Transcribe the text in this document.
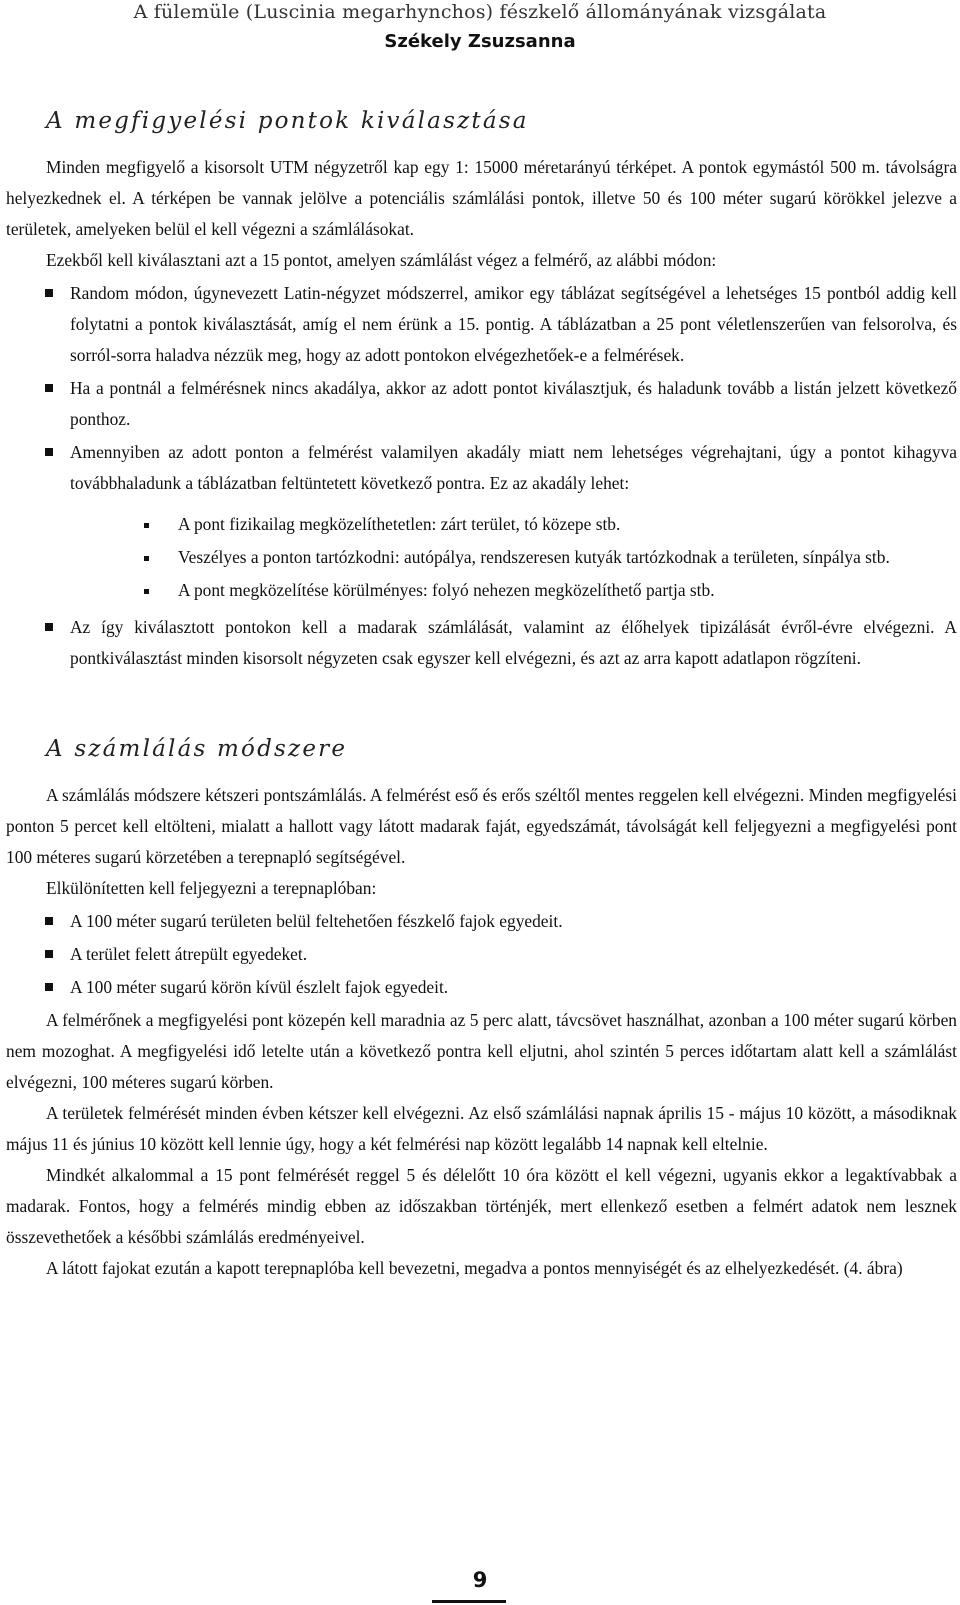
A fülemüle (Luscinia megarhynchos) fészkelő állományának vizsgálata
Székely Zsuzsanna
A megfigyelési pontok kiválasztása

Minden megfigyelő a kisorsolt UTM négyzetről kap egy 1: 15000 méretarányú térképet. A pontok egymástól 500 m. távolságra helyezkednek el. A térképen be vannak jelölve a potenciális számlálási pontok, illetve 50 és 100 méter sugarú körökkel jelezve a területek, amelyeken belül el kell végezni a számlálásokat.

Ezekből kell kiválasztani azt a 15 pontot, amelyen számlálást végez a felmérő, az alábbi módon:

Random módon, úgynevezett Latin-négyzet módszerrel, amikor egy táblázat segítségével a lehetséges 15 pontból addig kell folytatni a pontok kiválasztását, amíg el nem érünk a 15. pontig. A táblázatban a 25 pont véletlenszerűen van felsorolva, és sorról-sorra haladva nézzük meg, hogy az adott pontokon elvégezhetőek-e a felmérések.
Ha a pontnál a felmérésnek nincs akadálya, akkor az adott pontot kiválasztjuk, és haladunk tovább a listán jelzett következő ponthoz.
Amennyiben az adott ponton a felmérést valamilyen akadály miatt nem lehetséges végrehajtani, úgy a pontot kihagyva továbbhaladunk a táblázatban feltüntetett következő pontra. Ez az akadály lehet:
A pont fizikailag megközelíthetetlen: zárt terület, tó közepe stb.
Veszélyes a ponton tartózkodni: autópálya, rendszeresen kutyák tartózkodnak a területen, sínpálya stb.
A pont megközelítése körülményes: folyó nehezen megközelíthető partja stb.
Az így kiválasztott pontokon kell a madarak számlálását, valamint az élőhelyek tipizálását évről-évre elvégezni. A pontkiválasztást minden kisorsolt négyzeten csak egyszer kell elvégezni, és azt az arra kapott adatlapon rögzíteni.
A számlálás módszere

A számlálás módszere kétszeri pontszámlálás. A felmérést eső és erős széltől mentes reggelen kell elvégezni. Minden megfigyelési ponton 5 percet kell eltölteni, mialatt a hallott vagy látott madarak faját, egyedszámát, távolságát kell feljegyezni a megfigyelési pont 100 méteres sugarú körzetében a terepnapló segítségével.

Elkülönítetten kell feljegyezni a terepnaplóban:

A 100 méter sugarú területen belül feltehetően fészkelő fajok egyedeit.
A terület felett átrepült egyedeket.
A 100 méter sugarú körön kívül észlelt fajok egyedeit.

A felmérőnek a megfigyelési pont közepén kell maradnia az 5 perc alatt, távcsövet használhat, azonban a 100 méter sugarú körben nem mozoghat. A megfigyelési idő letelte után a következő pontra kell eljutni, ahol szintén 5 perces időtartam alatt kell a számlálást elvégezni, 100 méteres sugarú körben.

A területek felmérését minden évben kétszer kell elvégezni. Az első számlálási napnak április 15 - május 10 között, a másodiknak május 11 és június 10 között kell lennie úgy, hogy a két felmérési nap között legalább 14 napnak kell eltelnie.

Mindkét alkalommal a 15 pont felmérését reggel 5 és délelőtt 10 óra között el kell végezni, ugyanis ekkor a legaktívabbak a madarak. Fontos, hogy a felmérés mindig ebben az időszakban történjék, mert ellenkező esetben a felmért adatok nem lesznek összevethetőek a későbbi számlálás eredményeivel.

A látott fajokat ezután a kapott terepnaplóba kell bevezetni, megadva a pontos mennyiségét és az elhelyezkedését. (4. ábra)

9
